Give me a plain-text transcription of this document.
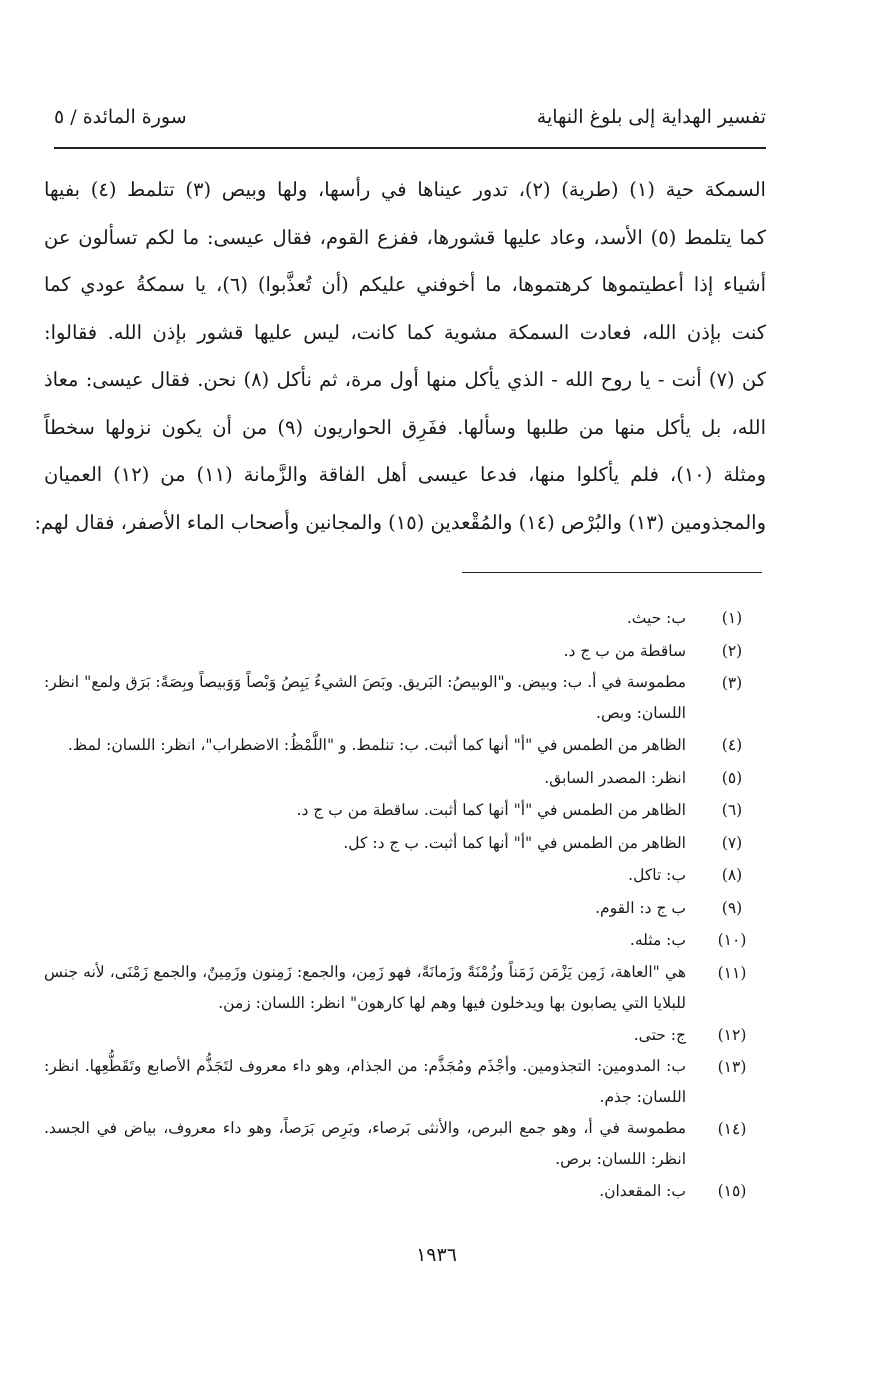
تفسير الهداية إلى بلوغ النهاية
سورة المائدة / ٥
السمكة حية (١) (طرية) (٢)، تدور عيناها في رأسها، ولها وبيص (٣) تتلمط (٤) بفيها
كما يتلمط (٥) الأسد، وعاد عليها قشورها، ففزع القوم، فقال عيسى: ما لكم تسألون عن
أشياء إذا أعطيتموها كرهتموها، ما أخوفني عليكم (أن تُعذَّبوا) (٦)، يا سمكةُ عودي كما
كنت بإذن الله، فعادت السمكة مشوية كما كانت، ليس عليها قشور بإذن الله. فقالوا:
كن (٧) أنت - يا روح الله - الذي يأكل منها أول مرة، ثم نأكل (٨) نحن. فقال عيسى: معاذ
الله، بل يأكل منها من طلبها وسألها. ففَرِق الحواريون (٩) من أن يكون نزولها سخطاً
ومثلة (١٠)، فلم يأكلوا منها، فدعا عيسى أهل الفاقة والزَّمانة (١١) من (١٢) العميان
والمجذومين (١٣) والبُرْص (١٤) والمُقْعدين (١٥) والمجانين وأصحاب الماء الأصفر، فقال لهم:
(١)
ب: حيث.
(٢)
ساقطة من ب ج د.
(٣)
مطموسة في أ. ب: وبيض. و"الوبيصُ: البَريق. وبَصَ الشيءُ يَبِصُ وَبْصاً وَوَبيصاً وبِصَةً: بَرَق ولمع" انظر: اللسان: وبص.
(٤)
الظاهر من الطمس في "أ" أنها كما أثبت. ب: تنلمط. و "اللَّمْظُ: الاضطراب"، انظر: اللسان: لمظ.
(٥)
انظر: المصدر السابق.
(٦)
الظاهر من الطمس في "أ" أنها كما أثبت. ساقطة من ب ج د.
(٧)
الظاهر من الطمس في "أ" أنها كما أثبت. ب ج د: كل.
(٨)
ب: تاكل.
(٩)
ب ج د: القوم.
(١٠)
ب: مثله.
(١١)
هي "العاهة، زَمِن يَزْمَن زَمَناً وزُمْنَةً وزَمانَةً، فهو زَمِن، والجمع: زَمِنون وزَمِينٌ، والجمع زَمْنَى، لأنه جنس للبلايا التي يصابون بها ويدخلون فيها وهم لها كارهون" انظر: اللسان: زمن.
(١٢)
ج: حتى.
(١٣)
ب: المدومين: التجذومين. وأجْذَم ومُجَذَّم: من الجذام، وهو داء معروف لتَجَذُّم الأصابع وتَقَطُّعِها. انظر: اللسان: جذم.
(١٤)
مطموسة في أ، وهو جمع البرص، والأنثى بَرصاء، وبَرِص بَرَصاً، وهو داء معروف، بياض في الجسد. انظر: اللسان: برص.
(١٥)
ب: المقعدان.
١٩٣٦
